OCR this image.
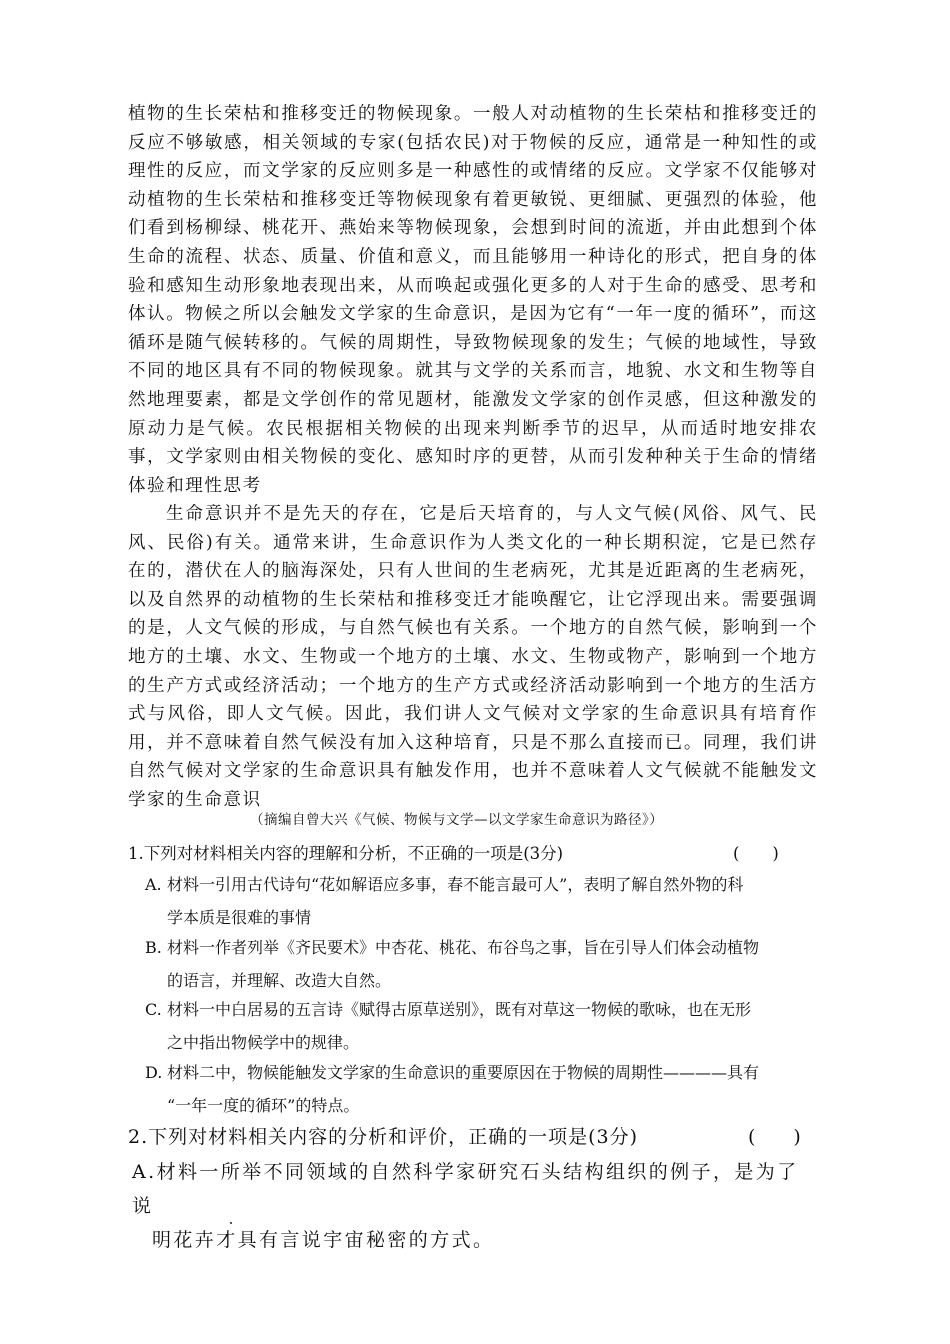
植物的生长荣枯和推移变迁的物候现象。一般人对动植物的生长荣枯和推移变迁的反应不够敏感，相关领域的专家(包括农民)对于物候的反应，通常是一种知性的或理性的反应，而文学家的反应则多是一种感性的或情绪的反应。文学家不仅能够对动植物的生长荣枯和推移变迁等物候现象有着更敏锐、更细腻、更强烈的体验，他们看到杨柳绿、桃花开、燕始来等物候现象，会想到时间的流逝，并由此想到个体生命的流程、状态、质量、价值和意义，而且能够用一种诗化的形式，把自身的体验和感知生动形象地表现出来，从而唤起或强化更多的人对于生命的感受、思考和体认。物候之所以会触发文学家的生命意识，是因为它有“一年一度的循环”，而这循环是随气候转移的。气候的周期性，导致物候现象的发生；气候的地域性，导致不同的地区具有不同的物候现象。就其与文学的关系而言，地貌、水文和生物等自然地理要素，都是文学创作的常见题材，能激发文学家的创作灵感，但这种激发的原动力是气候。农民根据相关物候的出现来判断季节的迟早，从而适时地安排农事，文学家则由相关物候的变化、感知时序的更替，从而引发种种关于生命的情绪体验和理性思考

生命意识并不是先天的存在，它是后天培育的，与人文气候(风俗、风气、民风、民俗)有关。通常来讲，生命意识作为人类文化的一种长期积淀，它是已然存在的，潜伏在人的脑海深处，只有人世间的生老病死，尤其是近距离的生老病死，以及自然界的动植物的生长荣枯和推移变迁才能唤醒它，让它浮现出来。需要强调的是，人文气候的形成，与自然气候也有关系。一个地方的自然气候，影响到一个地方的土壤、水文、生物或一个地方的土壤、水文、生物或物产，影响到一个地方的生产方式或经济活动；一个地方的生产方式或经济活动影响到一个地方的生活方式与风俗，即人文气候。因此，我们讲人文气候对文学家的生命意识具有培育作用，并不意味着自然气候没有加入这种培育，只是不那么直接而已。同理，我们讲自然气候对文学家的生命意识具有触发作用，也并不意味着人文气候就不能触发文学家的生命意识

（摘编自曾大兴《气候、物候与文学—以文学家生命意识为路径》）

1.下列对材料相关内容的理解和分析，不正确的一项是(3分)	(　　)

A. 材料一引用古代诗句“花如解语应多事，春不能言最可人”，表明了解自然外物的科
学本质是很难的事情
B. 材料一作者列举《齐民要术》中杏花、桃花、布谷鸟之事，旨在引导人们体会动植物
的语言，并理解、改造大自然。
C. 材料一中白居易的五言诗《赋得古原草送别》，既有对草这一物候的歌咏，也在无形
之中指出物候学中的规律。
D. 材料二中，物候能触发文学家的生命意识的重要原因在于物候的周期性————具有
“一年一度的循环”的特点。

2.下列对材料相关内容的分析和评价，正确的一项是(3分)	(　　)

A.材料一所举不同领域的自然科学家研究石头结构组织的例子，是为了说
明花卉才具有言说宇宙秘密的方式。
